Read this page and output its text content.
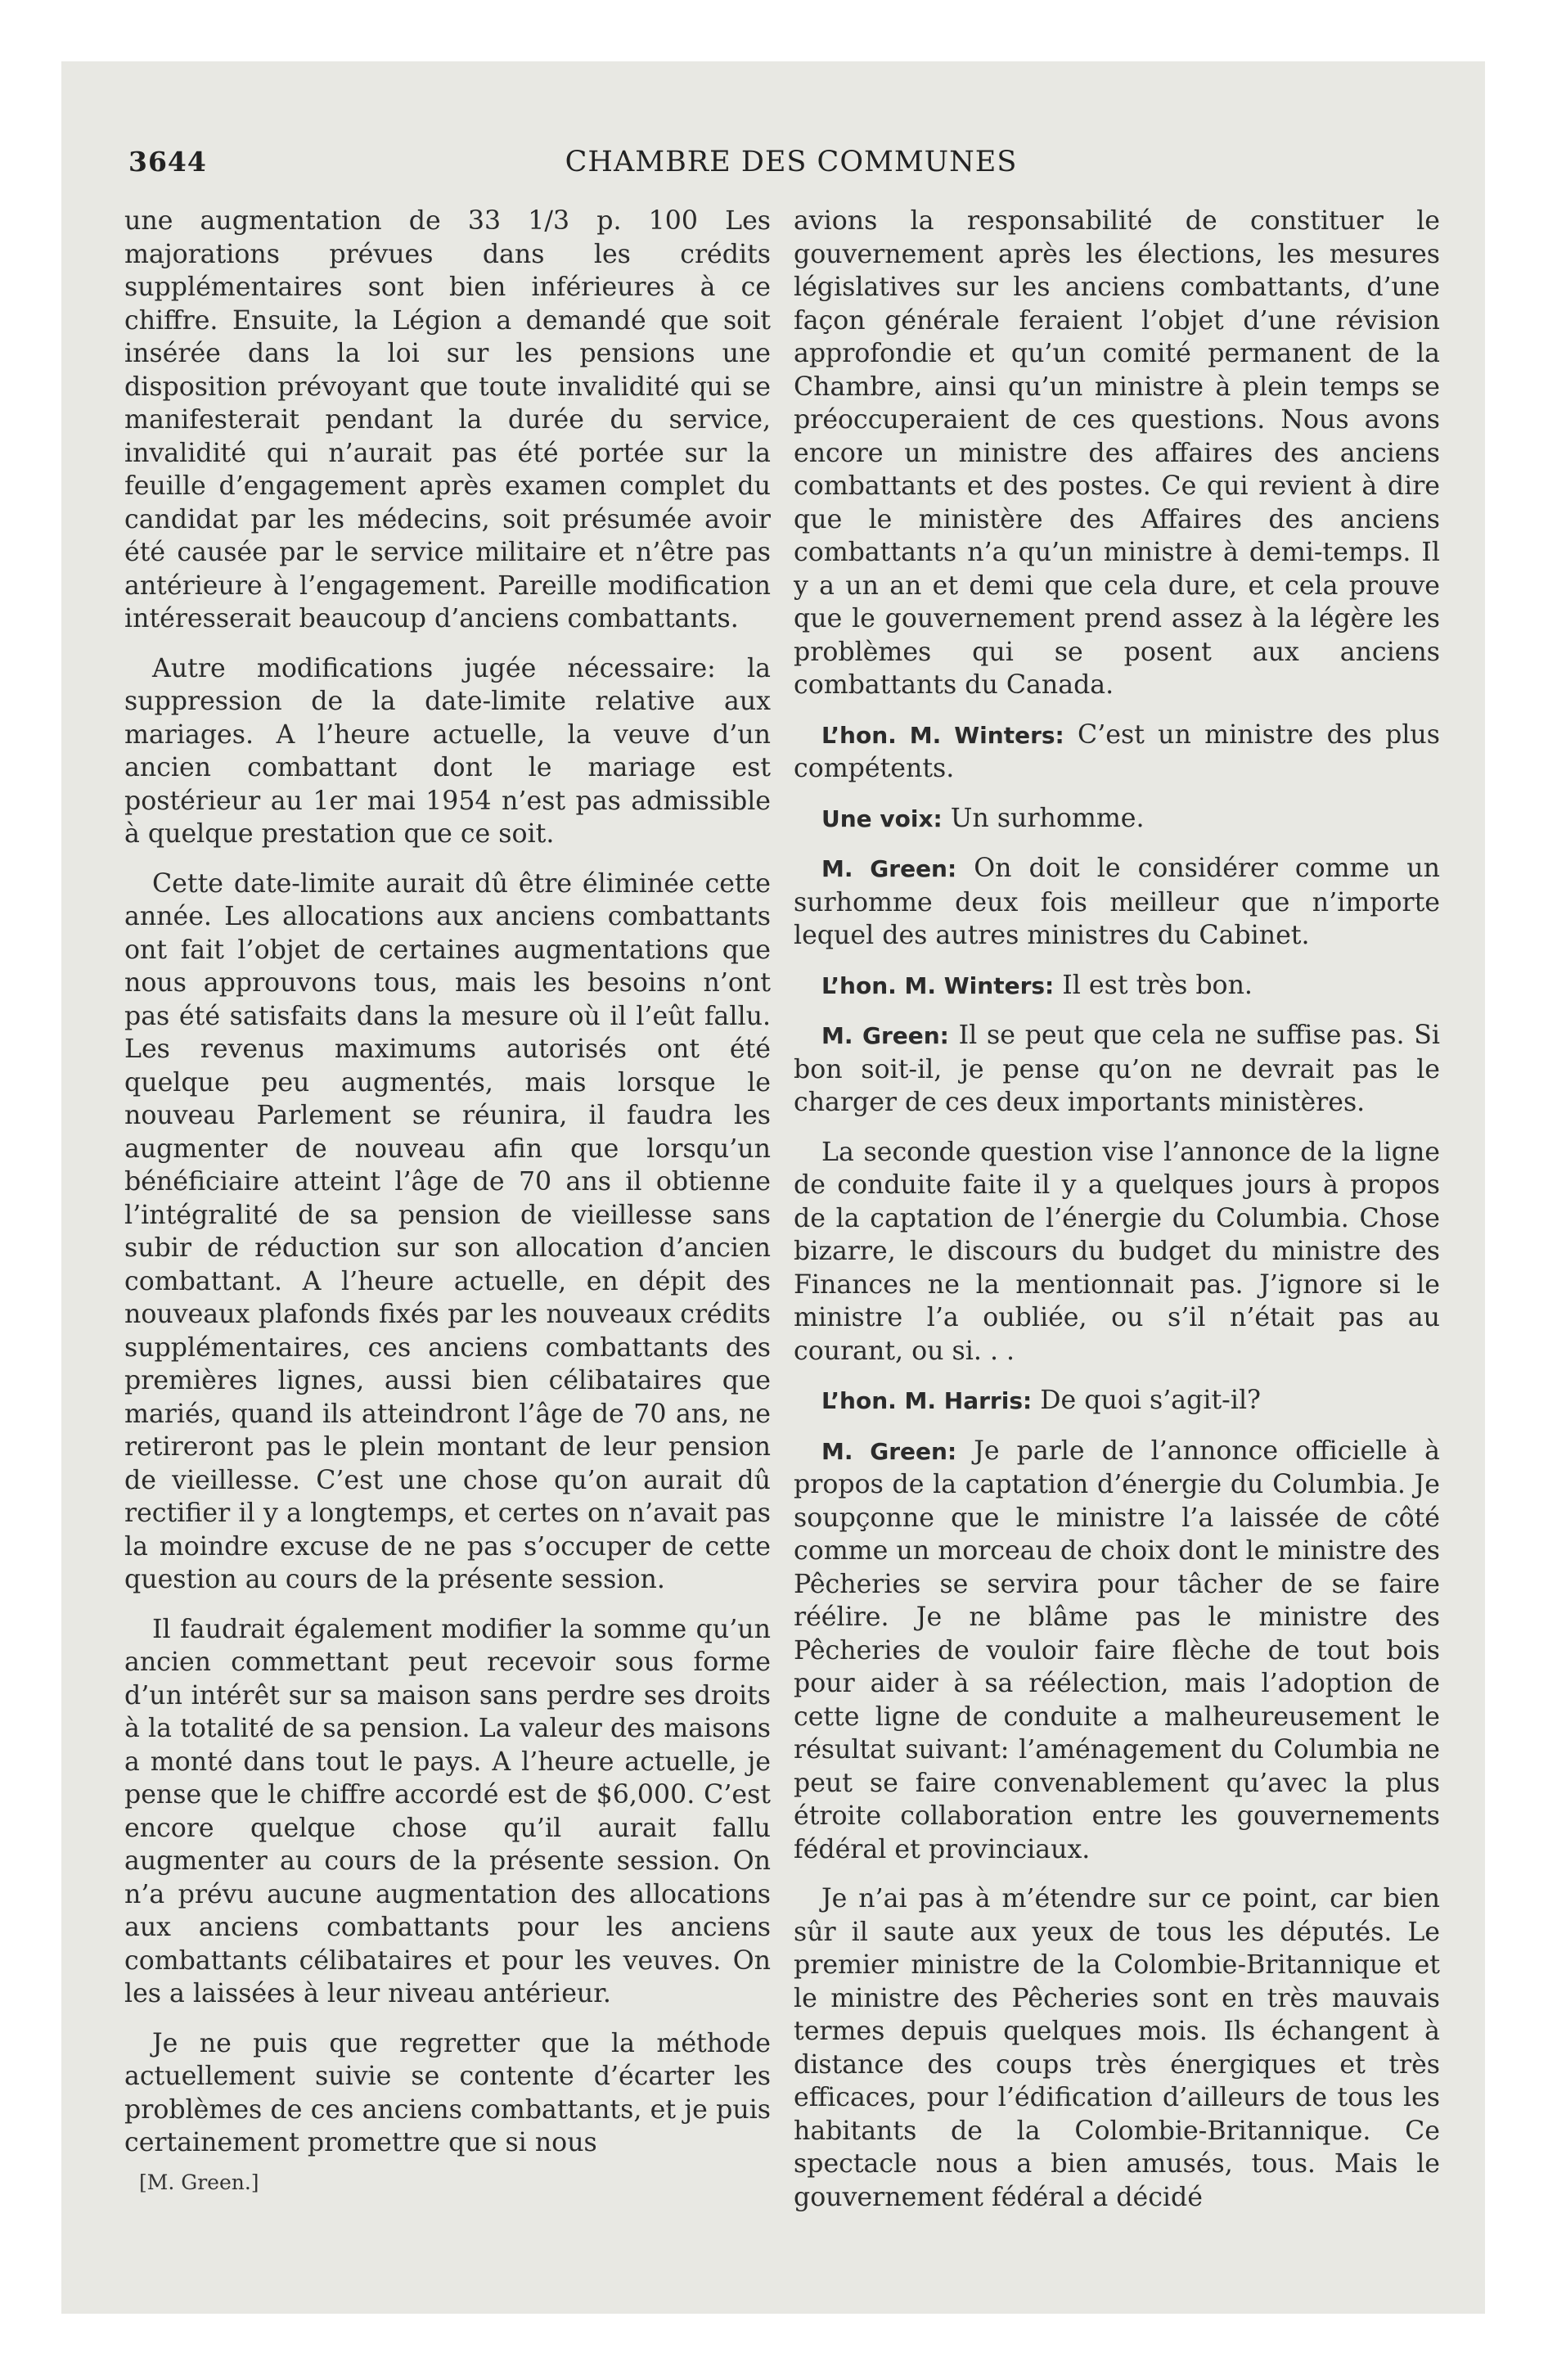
3644	CHAMBRE DES COMMUNES

une augmentation de 33 1/3 p. 100 Les majorations prévues dans les crédits supplémentaires sont bien inférieures à ce chiffre. Ensuite, la Légion a demandé que soit insérée dans la loi sur les pensions une disposition prévoyant que toute invalidité qui se manifesterait pendant la durée du service, invalidité qui n’aurait pas été portée sur la feuille d’engagement après examen complet du candidat par les médecins, soit présumée avoir été causée par le service militaire et n’être pas antérieure à l’engagement. Pareille modification intéresserait beaucoup d’anciens combattants.

Autre modifications jugée nécessaire: la suppression de la date-limite relative aux mariages. A l’heure actuelle, la veuve d’un ancien combattant dont le mariage est postérieur au 1er mai 1954 n’est pas admissible à quelque prestation que ce soit.

Cette date-limite aurait dû être éliminée cette année. Les allocations aux anciens combattants ont fait l’objet de certaines augmentations que nous approuvons tous, mais les besoins n’ont pas été satisfaits dans la mesure où il l’eût fallu. Les revenus maximums autorisés ont été quelque peu augmentés, mais lorsque le nouveau Parlement se réunira, il faudra les augmenter de nouveau afin que lorsqu’un bénéficiaire atteint l’âge de 70 ans il obtienne l’intégralité de sa pension de vieillesse sans subir de réduction sur son allocation d’ancien combattant. A l’heure actuelle, en dépit des nouveaux plafonds fixés par les nouveaux crédits supplémentaires, ces anciens combattants des premières lignes, aussi bien célibataires que mariés, quand ils atteindront l’âge de 70 ans, ne retireront pas le plein montant de leur pension de vieillesse. C’est une chose qu’on aurait dû rectifier il y a longtemps, et certes on n’avait pas la moindre excuse de ne pas s’occuper de cette question au cours de la présente session.

Il faudrait également modifier la somme qu’un ancien commettant peut recevoir sous forme d’un intérêt sur sa maison sans perdre ses droits à la totalité de sa pension. La valeur des maisons a monté dans tout le pays. A l’heure actuelle, je pense que le chiffre accordé est de $6,000. C’est encore quelque chose qu’il aurait fallu augmenter au cours de la présente session. On n’a prévu aucune augmentation des allocations aux anciens combattants pour les anciens combattants célibataires et pour les veuves. On les a laissées à leur niveau antérieur.

Je ne puis que regretter que la méthode actuellement suivie se contente d’écarter les problèmes de ces anciens combattants, et je puis certainement promettre que si nous

avions la responsabilité de constituer le gouvernement après les élections, les mesures législatives sur les anciens combattants, d’une façon générale feraient l’objet d’une révision approfondie et qu’un comité permanent de la Chambre, ainsi qu’un ministre à plein temps se préoccuperaient de ces questions. Nous avons encore un ministre des affaires des anciens combattants et des postes. Ce qui revient à dire que le ministère des Affaires des anciens combattants n’a qu’un ministre à demi-temps. Il y a un an et demi que cela dure, et cela prouve que le gouvernement prend assez à la légère les problèmes qui se posent aux anciens combattants du Canada.

L’hon. M. Winters: C’est un ministre des plus compétents.

Une voix: Un surhomme.

M. Green: On doit le considérer comme un surhomme deux fois meilleur que n’importe lequel des autres ministres du Cabinet.

L’hon. M. Winters: Il est très bon.

M. Green: Il se peut que cela ne suffise pas. Si bon soit-il, je pense qu’on ne devrait pas le charger de ces deux importants ministères.

La seconde question vise l’annonce de la ligne de conduite faite il y a quelques jours à propos de la captation de l’énergie du Columbia. Chose bizarre, le discours du budget du ministre des Finances ne la mentionnait pas. J’ignore si le ministre l’a oubliée, ou s’il n’était pas au courant, ou si. . .

L’hon. M. Harris: De quoi s’agit-il?

M. Green: Je parle de l’annonce officielle à propos de la captation d’énergie du Columbia. Je soupçonne que le ministre l’a laissée de côté comme un morceau de choix dont le ministre des Pêcheries se servira pour tâcher de se faire réélire. Je ne blâme pas le ministre des Pêcheries de vouloir faire flèche de tout bois pour aider à sa réélection, mais l’adoption de cette ligne de conduite a malheureusement le résultat suivant: l’aménagement du Columbia ne peut se faire convenablement qu’avec la plus étroite collaboration entre les gouvernements fédéral et provinciaux.

Je n’ai pas à m’étendre sur ce point, car bien sûr il saute aux yeux de tous les députés. Le premier ministre de la Colombie-Britannique et le ministre des Pêcheries sont en très mauvais termes depuis quelques mois. Ils échangent à distance des coups très énergiques et très efficaces, pour l’édification d’ailleurs de tous les habitants de la Colombie-Britannique. Ce spectacle nous a bien amusés, tous. Mais le gouvernement fédéral a décidé

[M. Green.]
